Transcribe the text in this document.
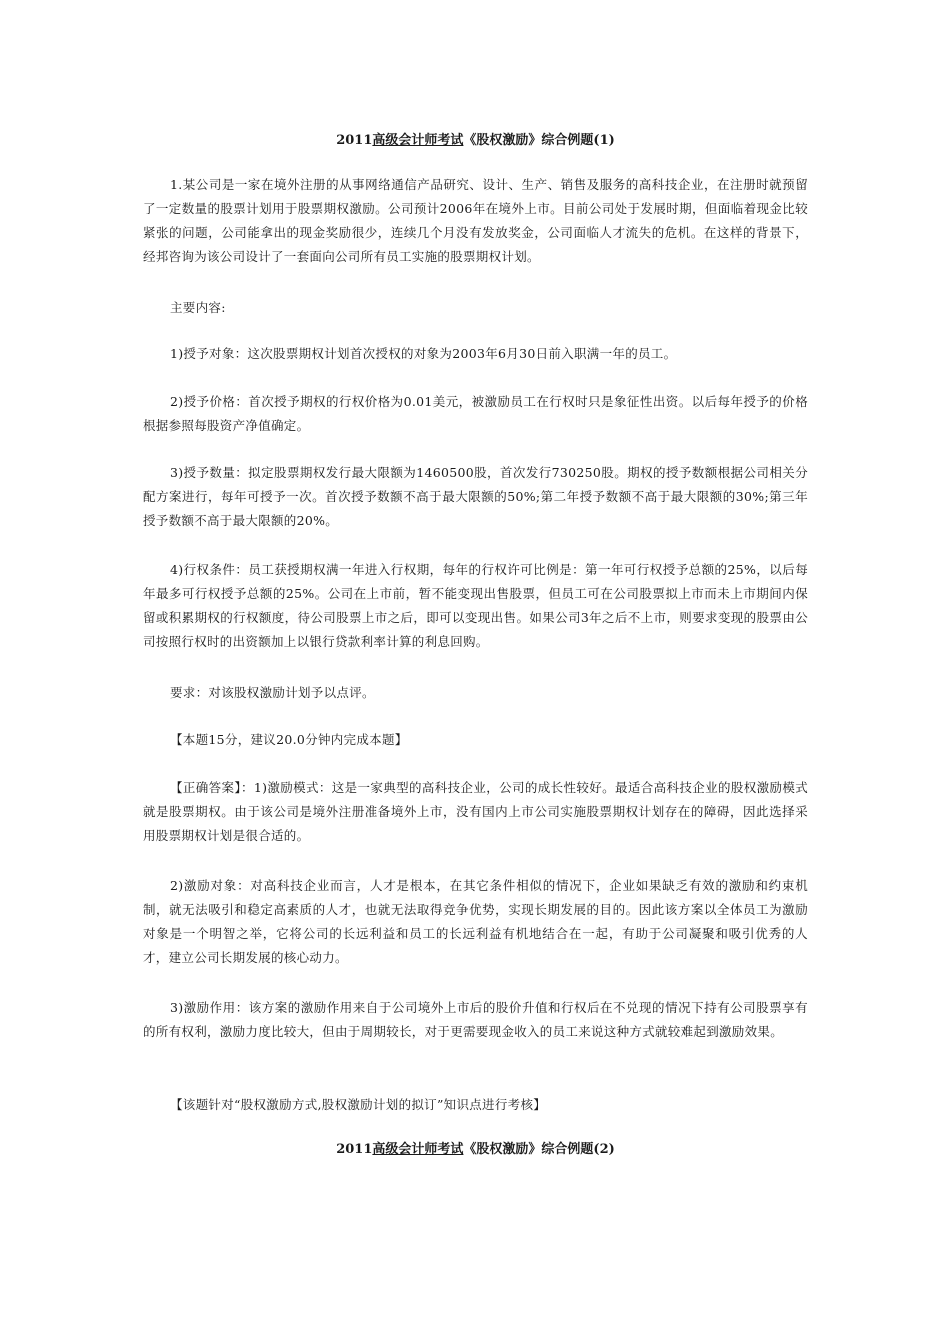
2011高级会计师考试《股权激励》综合例题(1)

1.某公司是一家在境外注册的从事网络通信产品研究、设计、生产、销售及服务的高科技企业，在注册时就预留了一定数量的股票计划用于股票期权激励。公司预计2006年在境外上市。目前公司处于发展时期，但面临着现金比较紧张的问题，公司能拿出的现金奖励很少，连续几个月没有发放奖金，公司面临人才流失的危机。在这样的背景下，经邦咨询为该公司设计了一套面向公司所有员工实施的股票期权计划。

主要内容:

1)授予对象：这次股票期权计划首次授权的对象为2003年6月30日前入职满一年的员工。

2)授予价格：首次授予期权的行权价格为0.01美元，被激励员工在行权时只是象征性出资。以后每年授予的价格根据参照每股资产净值确定。

3)授予数量：拟定股票期权发行最大限额为1460500股，首次发行730250股。期权的授予数额根据公司相关分配方案进行，每年可授予一次。首次授予数额不高于最大限额的50%;第二年授予数额不高于最大限额的30%;第三年授予数额不高于最大限额的20%。

4)行权条件：员工获授期权满一年进入行权期，每年的行权许可比例是：第一年可行权授予总额的25%，以后每年最多可行权授予总额的25%。公司在上市前，暂不能变现出售股票，但员工可在公司股票拟上市而未上市期间内保留或积累期权的行权额度，待公司股票上市之后，即可以变现出售。如果公司3年之后不上市，则要求变现的股票由公司按照行权时的出资额加上以银行贷款利率计算的利息回购。

要求：对该股权激励计划予以点评。

【本题15分，建议20.0分钟内完成本题】

【正确答案】：1)激励模式：这是一家典型的高科技企业，公司的成长性较好。最适合高科技企业的股权激励模式就是股票期权。由于该公司是境外注册准备境外上市，没有国内上市公司实施股票期权计划存在的障碍，因此选择采用股票期权计划是很合适的。

2)激励对象：对高科技企业而言，人才是根本，在其它条件相似的情况下，企业如果缺乏有效的激励和约束机制，就无法吸引和稳定高素质的人才，也就无法取得竞争优势，实现长期发展的目的。因此该方案以全体员工为激励对象是一个明智之举，它将公司的长远利益和员工的长远利益有机地结合在一起，有助于公司凝聚和吸引优秀的人才，建立公司长期发展的核心动力。

3)激励作用：该方案的激励作用来自于公司境外上市后的股价升值和行权后在不兑现的情况下持有公司股票享有的所有权利，激励力度比较大，但由于周期较长，对于更需要现金收入的员工来说这种方式就较难起到激励效果。

【该题针对“股权激励方式,股权激励计划的拟订”知识点进行考核】

2011高级会计师考试《股权激励》综合例题(2)
